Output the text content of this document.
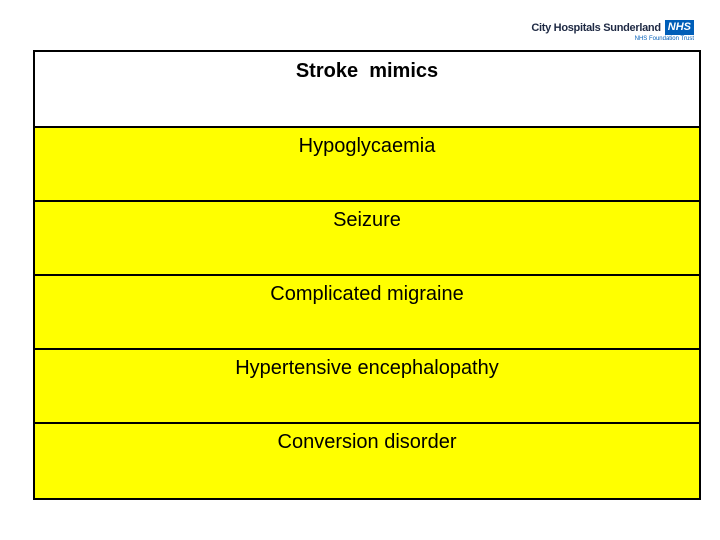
City Hospitals Sunderland NHS
NHS Foundation Trust
Stroke  mimics
Hypoglycaemia
Seizure
Complicated migraine
Hypertensive encephalopathy
Conversion disorder
